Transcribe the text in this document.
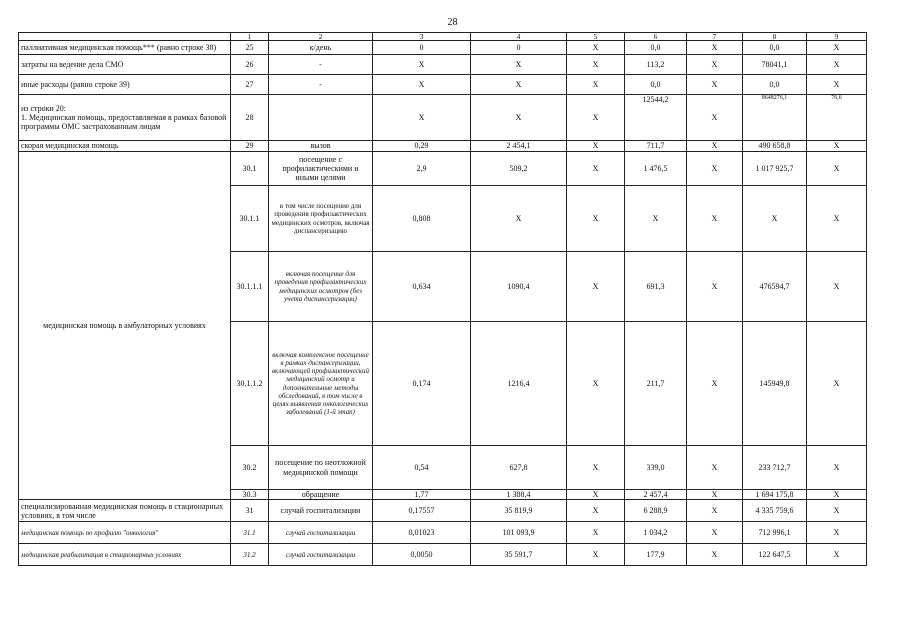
28
	1	2	3	4	5	6	7	8	9
паллиативная медицинская помощь*** (равно строке 38)	25	к/день	0	0	X	0,0	X	0,0	X
затраты на ведение дела СМО	26	-	X	X	X	113,2	X	78041,1	X
иные расходы (равно строке 39)	27	-	X	X	X	0,0	X	0,0	X
из строки 20:
1. Медицинская помощь, предоставляемая в рамках базовой программы ОМС застрахованным лицам	28		X	X	X	12544,2	X	8648276,1	76,6
скорая медицинская помощь	29	вызов	0,29	2 454,1	X	711,7	X	490 658,8	X
медицинская помощь в амбулаторных условиях	30.1	посещение с профилактическими и иными целями	2,9	509,2	X	1 476,5	X	1 017 925,7	X
	30.1.1	в том числе посещение для проведения профилактических медицинских осмотров, включая диспансеризацию	0,808	X	X	X	X	X	X
	30.1.1.1	включая посещение для проведения профилактических медицинских осмотров (без учета диспансеризации)	0,634	1090,4	X	691,3	X	476594,7	X
	30.1.1.2	включая комплексное посещение в рамках диспансеризации, включающей профилактический медицинский осмотр и дополнительные методы обследований, в том числе в целях выявления онкологических заболеваний (1-й этап)	0,174	1216,4	X	211,7	X	145949,8	X
	30.2	посещение по неотложной медицинской помощи	0,54	627,8	X	339,0	X	233 712,7	X
	30.3	обращение	1,77	1 388,4	X	2 457,4	X	1 694 175,8	X
специализированная медицинская помощь в стационарных условиях, в том числе	31	случай госпитализации	0,17557	35 819,9	X	6 288,9	X	4 335 759,6	X
медицинская помощь по профилю "онкология"	31.1	случай госпитализации	0,01023	101 093,9	X	1 034,2	X	712 996,1	X
медицинская реабилитация в стационарных условиях	31.2	случай госпитализации	0,0050	35 591,7	X	177,9	X	122 647,5	X
